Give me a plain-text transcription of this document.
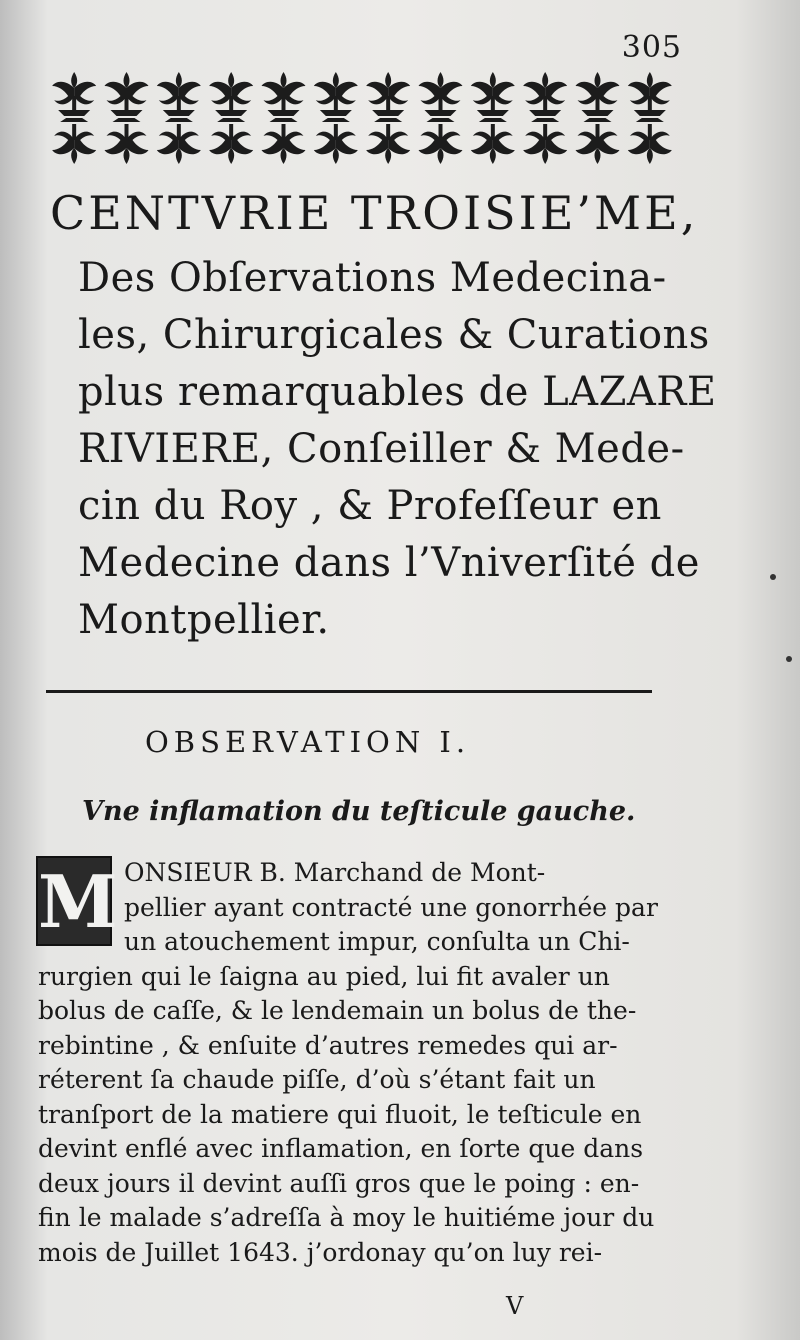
305
CENTVRIE TROISIE’ME,
Des Obſervations Medecina-
les, Chirurgicales & Curations
plus remarquables de LAZARE
RIVIERE, Conſeiller & Mede-
cin du Roy , & Profeſſeur en
Medecine dans l’Vniverſité de
Montpellier.
OBSERVATION I.
Vne inflamation du teſticule gauche.
M ONSIEUR B. Marchand de Mont-
pellier ayant contracté une gonorrhée par
un atouchement impur, conſulta un Chi-
rurgien qui le ſaigna au pied, lui fit avaler un
bolus de caſſe, & le lendemain un bolus de the-
rebintine , & enſuite d’autres remedes qui ar-
réterent ſa chaude piſſe, d’où s’étant fait un
tranſport de la matiere qui fluoit, le teſticule en
devint enflé avec inflamation, en ſorte que dans
deux jours il devint auſſi gros que le poing : en-
fin le malade s’adreſſa à moy le huitiéme jour du
mois de Juillet 1643. j’ordonay qu’on luy rei-
V
